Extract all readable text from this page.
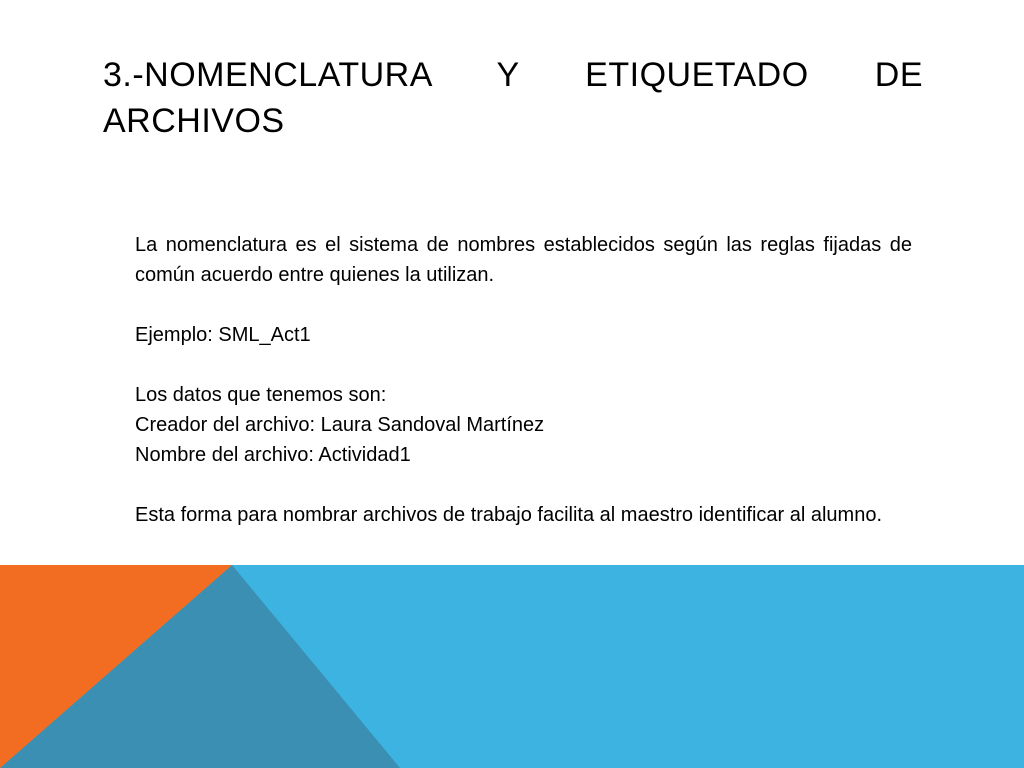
3.-NOMENCLATURA Y ETIQUETADO DE ARCHIVOS

La nomenclatura es el sistema de nombres establecidos según las reglas fijadas de común acuerdo entre quienes la utilizan.

Ejemplo: SML_Act1

Los datos que tenemos son:

Creador del archivo: Laura Sandoval Martínez

Nombre del archivo: Actividad1

Esta forma para nombrar archivos de trabajo facilita al maestro identificar al alumno.
